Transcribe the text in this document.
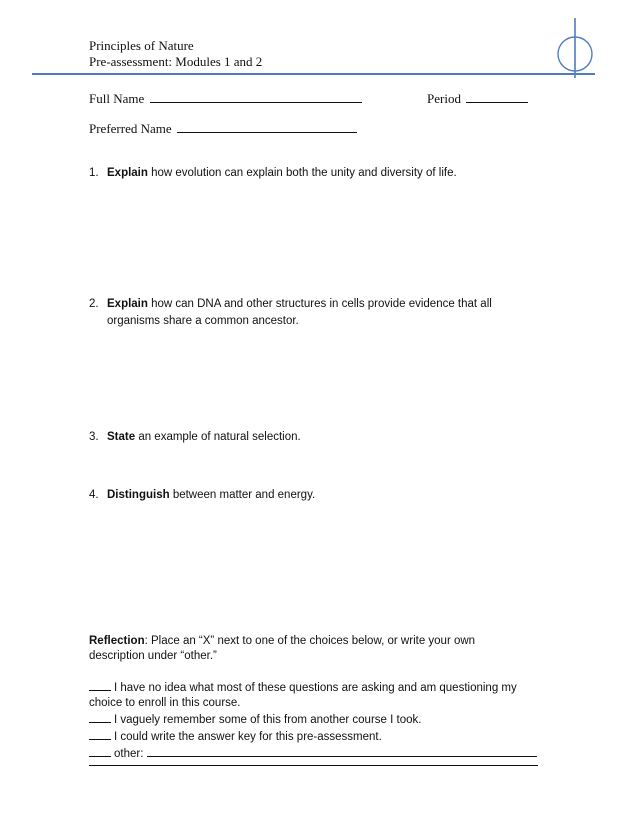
Principles of Nature
Pre-assessment: Modules 1 and 2
Full Name	Period
Preferred Name
1. Explain how evolution can explain both the unity and diversity of life.
2. Explain how can DNA and other structures in cells provide evidence that all
organisms share a common ancestor.
3. State an example of natural selection.
4. Distinguish between matter and energy.
Reflection: Place an “X” next to one of the choices below, or write your own
description under “other.”
I have no idea what most of these questions are asking and am questioning my
choice to enroll in this course.
I vaguely remember some of this from another course I took.
I could write the answer key for this pre-assessment.
other:
